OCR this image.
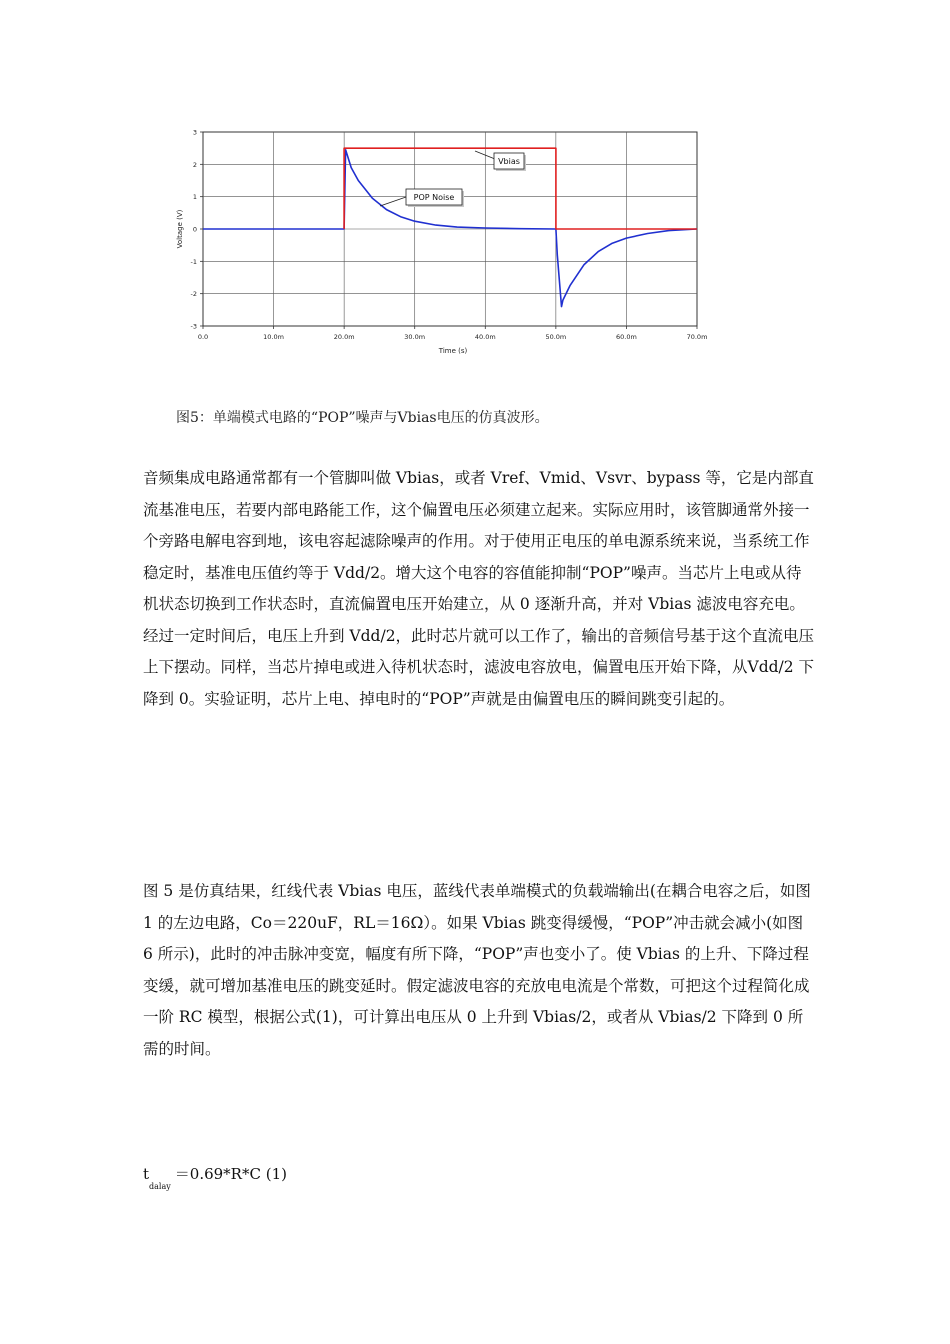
3
2
1
0
-1
-2
-3
0.0	10.0m	20.0m	30.0m	40.0m	50.0m	60.0m	70.0m
Voltage (V)
Time (s)
Vbias
POP Noise
图5：单端模式电路的“POP”噪声与Vbias电压的仿真波形。

音频集成电路通常都有一个管脚叫做 Vbias，或者 Vref、Vmid、Vsvr、bypass 等，它是内部直流基准电压，若要内部电路能工作，这个偏置电压必须建立起来。实际应用时，该管脚通常外接一个旁路电解电容到地，该电容起滤除噪声的作用。对于使用正电压的单电源系统来说，当系统工作稳定时，基准电压值约等于 Vdd/2。增大这个电容的容值能抑制“POP”噪声。当芯片上电或从待机状态切换到工作状态时，直流偏置电压开始建立，从 0 逐渐升高，并对 Vbias 滤波电容充电。经过一定时间后，电压上升到 Vdd/2，此时芯片就可以工作了，输出的音频信号基于这个直流电压上下摆动。同样，当芯片掉电或进入待机状态时，滤波电容放电，偏置电压开始下降，从Vdd/2 下降到 0。实验证明，芯片上电、掉电时的“POP”声就是由偏置电压的瞬间跳变引起的。

图 5 是仿真结果，红线代表 Vbias 电压，蓝线代表单端模式的负载端输出(在耦合电容之后，如图 1 的左边电路，Co＝220uF，RL＝16Ω）。如果 Vbias 跳变得缓慢，“POP”冲击就会减小(如图 6 所示)，此时的冲击脉冲变宽，幅度有所下降，“POP”声也变小了。使 Vbias 的上升、下降过程变缓，就可增加基准电压的跳变延时。假定滤波电容的充放电电流是个常数，可把这个过程简化成一阶 RC 模型，根据公式(1)，可计算出电压从 0 上升到 Vbias/2，或者从 Vbias/2 下降到 0 所需的时间。

$t_{dalay}=0.69*R*C$ (1)
